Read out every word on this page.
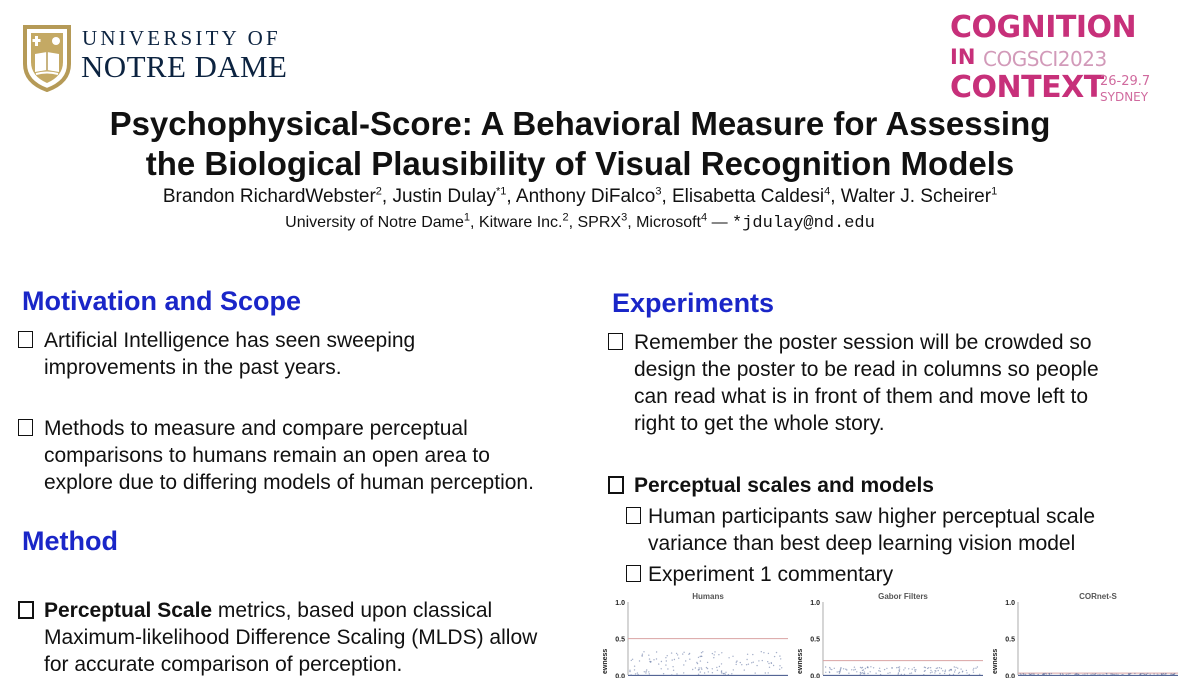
UNIVERSITY OF
NOTRE DAME
COGNITION
IN COGSCI2023
CONTEXT
26-29.7
SYDNEY
Psychophysical-Score: A Behavioral Measure for Assessing
the Biological Plausibility of Visual Recognition Models
Brandon RichardWebster$^2$, Justin Dulay$^{*1}$, Anthony DiFalco$^3$, Elisabetta Caldesi$^4$, Walter J. Scheirer$^1$
University of Notre Dame$^1$, Kitware Inc.$^2$, SPRX$^3$, Microsoft$^4$ — *jdulay@nd.edu
Motivation and Scope
Artificial Intelligence has seen sweeping
improvements in the past years.
Methods to measure and compare perceptual
comparisons to humans remain an open area to
explore due to differing models of human perception.
Method
Perceptual Scale metrics, based upon classical
Maximum-likelihood Difference Scaling (MLDS) allow
for accurate comparison of perception.
Experiments
Remember the poster session will be crowded so
design the poster to be read in columns so people
can read what is in front of them and move left to
right to get the whole story.
Perceptual scales and models
Human participants saw higher perceptual scale
variance than best deep learning vision model
Experiment 1 commentary
Humans
1.0
0.5
0.0
ewness
Gabor Filters
1.0
0.5
0.0
ewness
CORnet-S
1.0
0.5
0.0
ewness
